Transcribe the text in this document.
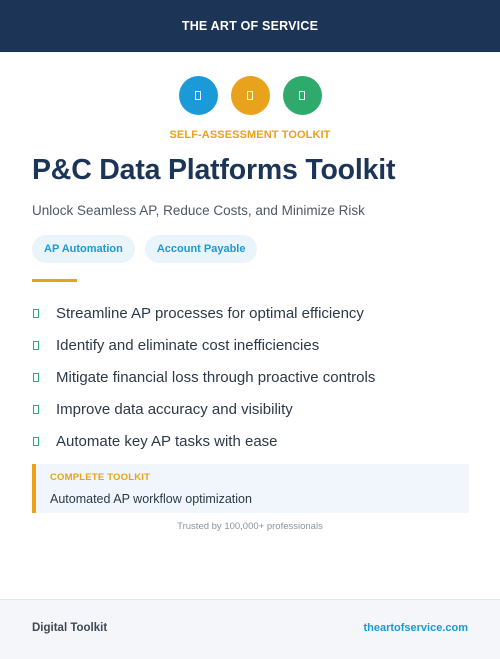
THE ART OF SERVICE
SELF-ASSESSMENT TOOLKIT
P&C Data Platforms Toolkit
Unlock Seamless AP, Reduce Costs, and Minimize Risk
AP Automation	Account Payable
Streamline AP processes for optimal efficiency
Identify and eliminate cost inefficiencies
Mitigate financial loss through proactive controls
Improve data accuracy and visibility
Automate key AP tasks with ease
COMPLETE TOOLKIT
Automated AP workflow optimization
Trusted by 100,000+ professionals
Digital Toolkit	theartofservice.com
